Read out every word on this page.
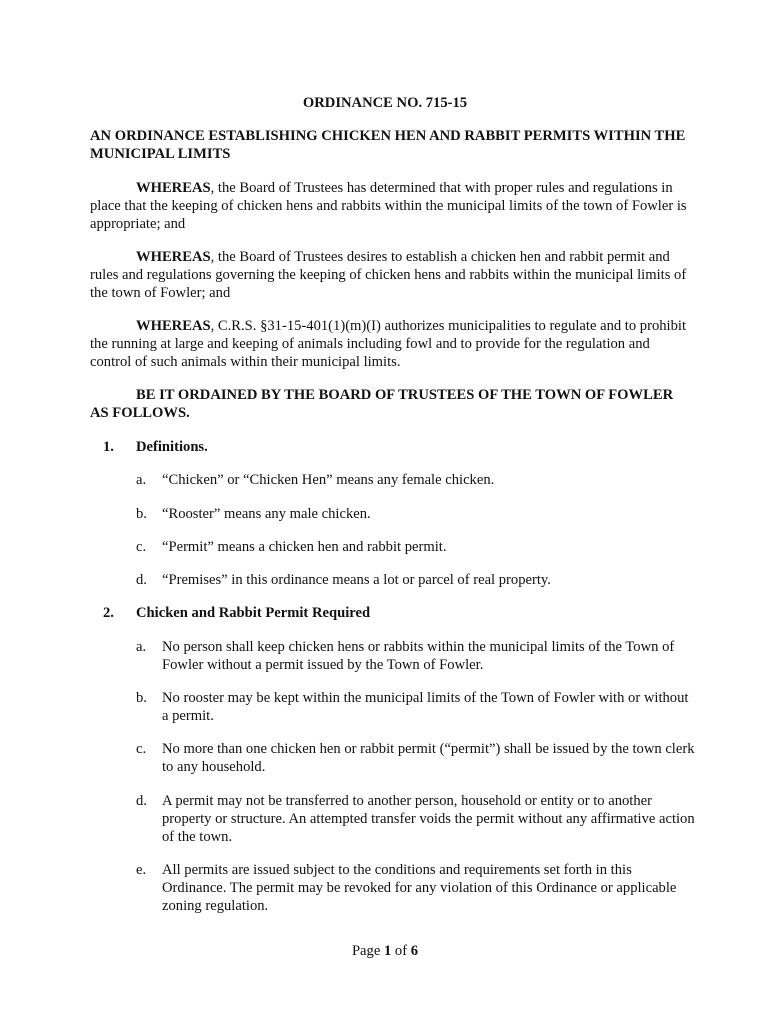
ORDINANCE NO. 715-15

AN ORDINANCE ESTABLISHING CHICKEN HEN AND RABBIT PERMITS WITHIN THE MUNICIPAL LIMITS

WHEREAS, the Board of Trustees has determined that with proper rules and regulations in place that the keeping of chicken hens and rabbits within the municipal limits of the town of Fowler is appropriate; and

WHEREAS, the Board of Trustees desires to establish a chicken hen and rabbit permit and rules and regulations governing the keeping of chicken hens and rabbits within the municipal limits of the town of Fowler; and

WHEREAS, C.R.S. §31-15-401(1)(m)(I) authorizes municipalities to regulate and to prohibit the running at large and keeping of animals including fowl and to provide for the regulation and control of such animals within their municipal limits.

BE IT ORDAINED BY THE BOARD OF TRUSTEES OF THE TOWN OF FOWLER AS FOLLOWS.

1.	Definitions.

a.	“Chicken” or “Chicken Hen” means any female chicken.

b.	“Rooster” means any male chicken.

c.	“Permit” means a chicken hen and rabbit permit.

d.	“Premises” in this ordinance means a lot or parcel of real property.

2.	Chicken and Rabbit Permit Required

a.	No person shall keep chicken hens or rabbits within the municipal limits of the Town of Fowler without a permit issued by the Town of Fowler.

b.	No rooster may be kept within the municipal limits of the Town of Fowler with or without a permit.

c.	No more than one chicken hen or rabbit permit (“permit”) shall be issued by the town clerk to any household.

d.	A permit may not be transferred to another person, household or entity or to another property or structure. An attempted transfer voids the permit without any affirmative action of the town.

e.	All permits are issued subject to the conditions and requirements set forth in this Ordinance. The permit may be revoked for any violation of this Ordinance or applicable zoning regulation.

Page 1 of 6
